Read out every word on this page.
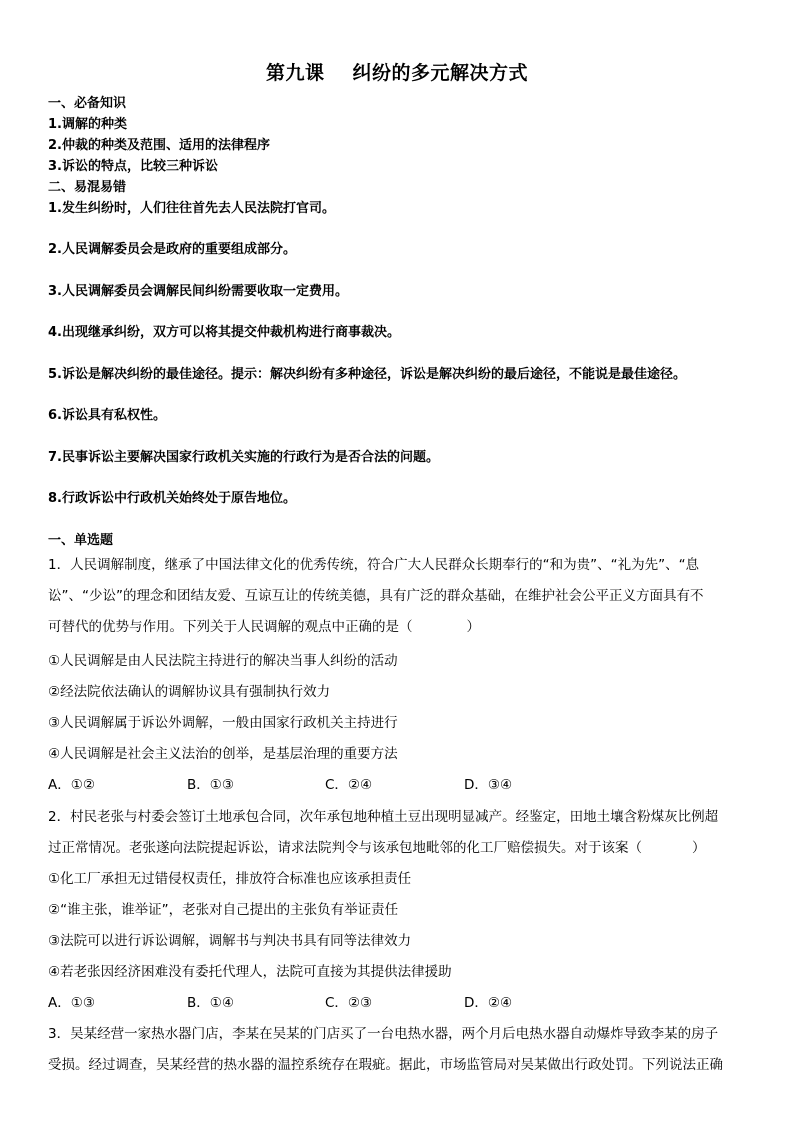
第九课 纠纷的多元解决方式
一、必备知识
1.调解的种类
2.仲裁的种类及范围、适用的法律程序
3.诉讼的特点，比较三种诉讼
二、易混易错
1.发生纠纷时，人们往往首先去人民法院打官司。
2.人民调解委员会是政府的重要组成部分。
3.人民调解委员会调解民间纠纷需要收取一定费用。
4.出现继承纠纷，双方可以将其提交仲裁机构进行商事裁决。
5.诉讼是解决纠纷的最佳途径。提示：解决纠纷有多种途径，诉讼是解决纠纷的最后途径，不能说是最佳途径。
6.诉讼具有私权性。
7.民事诉讼主要解决国家行政机关实施的行政行为是否合法的问题。
8.行政诉讼中行政机关始终处于原告地位。
一、单选题
1．人民调解制度，继承了中国法律文化的优秀传统，符合广大人民群众长期奉行的“和为贵”、“礼为先”、“息
讼”、“少讼”的理念和团结友爱、互谅互让的传统美德，具有广泛的群众基础，在维护社会公平正义方面具有不
可替代的优势与作用。下列关于人民调解的观点中正确的是（	）
①人民调解是由人民法院主持进行的解决当事人纠纷的活动
②经法院依法确认的调解协议具有强制执行效力
③人民调解属于诉讼外调解，一般由国家行政机关主持进行
④人民调解是社会主义法治的创举，是基层治理的重要方法
A．①②	B．①③	C．②④	D．③④
2．村民老张与村委会签订土地承包合同，次年承包地种植土豆出现明显减产。经鉴定，田地土壤含粉煤灰比例超
过正常情况。老张遂向法院提起诉讼，请求法院判令与该承包地毗邻的化工厂赔偿损失。对于该案（	）
①化工厂承担无过错侵权责任，排放符合标准也应该承担责任
②“谁主张，谁举证”，老张对自己提出的主张负有举证责任
③法院可以进行诉讼调解，调解书与判决书具有同等法律效力
④若老张因经济困难没有委托代理人，法院可直接为其提供法律援助
A．①③	B．①④	C．②③	D．②④
3．吴某经营一家热水器门店，李某在吴某的门店买了一台电热水器，两个月后电热水器自动爆炸导致李某的房子
受损。经过调查，吴某经营的热水器的温控系统存在瑕疵。据此，市场监管局对吴某做出行政处罚。下列说法正确
